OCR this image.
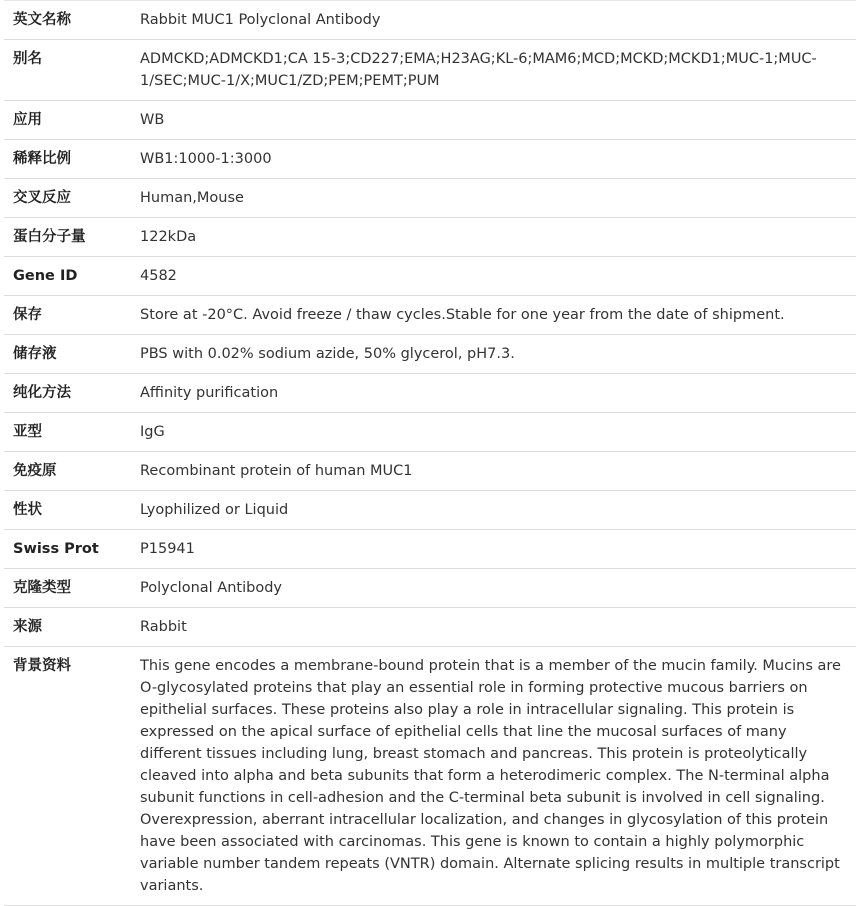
英文名称	Rabbit MUC1 Polyclonal Antibody
别名	ADMCKD;ADMCKD1;CA 15-3;CD227;EMA;H23AG;KL-6;MAM6;MCD;MCKD;MCKD1;MUC-1;MUC-1/SEC;MUC-1/X;MUC1/ZD;PEM;PEMT;PUM
应用	WB
稀释比例	WB1:1000-1:3000
交叉反应	Human,Mouse
蛋白分子量	122kDa
Gene ID	4582
保存	Store at -20°C. Avoid freeze / thaw cycles.Stable for one year from the date of shipment.
储存液	PBS with 0.02% sodium azide, 50% glycerol, pH7.3.
纯化方法	Affinity purification
亚型	IgG
免疫原	Recombinant protein of human MUC1
性状	Lyophilized or Liquid
Swiss Prot	P15941
克隆类型	Polyclonal Antibody
来源	Rabbit
背景资料	This gene encodes a membrane-bound protein that is a member of the mucin family. Mucins are O-glycosylated proteins that play an essential role in forming protective mucous barriers on epithelial surfaces. These proteins also play a role in intracellular signaling. This protein is expressed on the apical surface of epithelial cells that line the mucosal surfaces of many different tissues including lung, breast stomach and pancreas. This protein is proteolytically cleaved into alpha and beta subunits that form a heterodimeric complex. The N-terminal alpha subunit functions in cell-adhesion and the C-terminal beta subunit is involved in cell signaling. Overexpression, aberrant intracellular localization, and changes in glycosylation of this protein have been associated with carcinomas. This gene is known to contain a highly polymorphic variable number tandem repeats (VNTR) domain. Alternate splicing results in multiple transcript variants.
